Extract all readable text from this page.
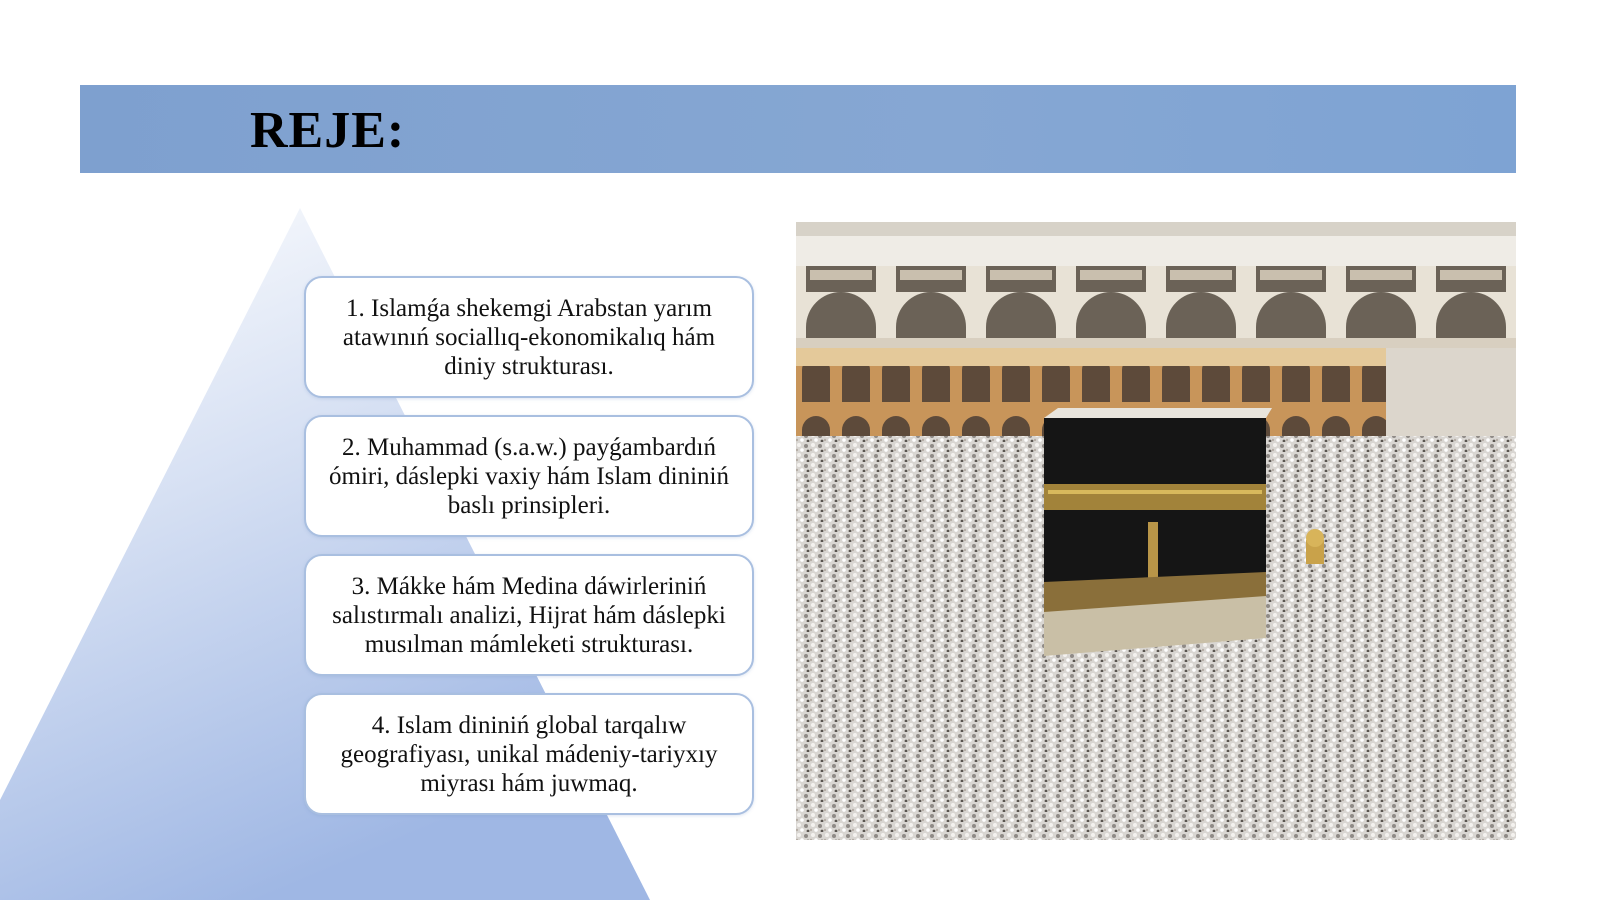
REJE:
1. Islamǵa shekemgi Arabstan yarım atawınıń sociallıq-ekonomikalıq hám diniy strukturası.
2. Muhammad (s.a.w.) payǵambardıń ómiri, dáslepki vaxiy hám Islam dininiń baslı prinsipleri.
3. Mákke hám Medina dáwirleriniń salıstırmalı analizi, Hijrat hám dáslepki musılman mámleketi strukturası.
4. Islam dininiń global tarqalıw geografiyası, unikal mádeniy-tariyxıy miyrası hám juwmaq.
